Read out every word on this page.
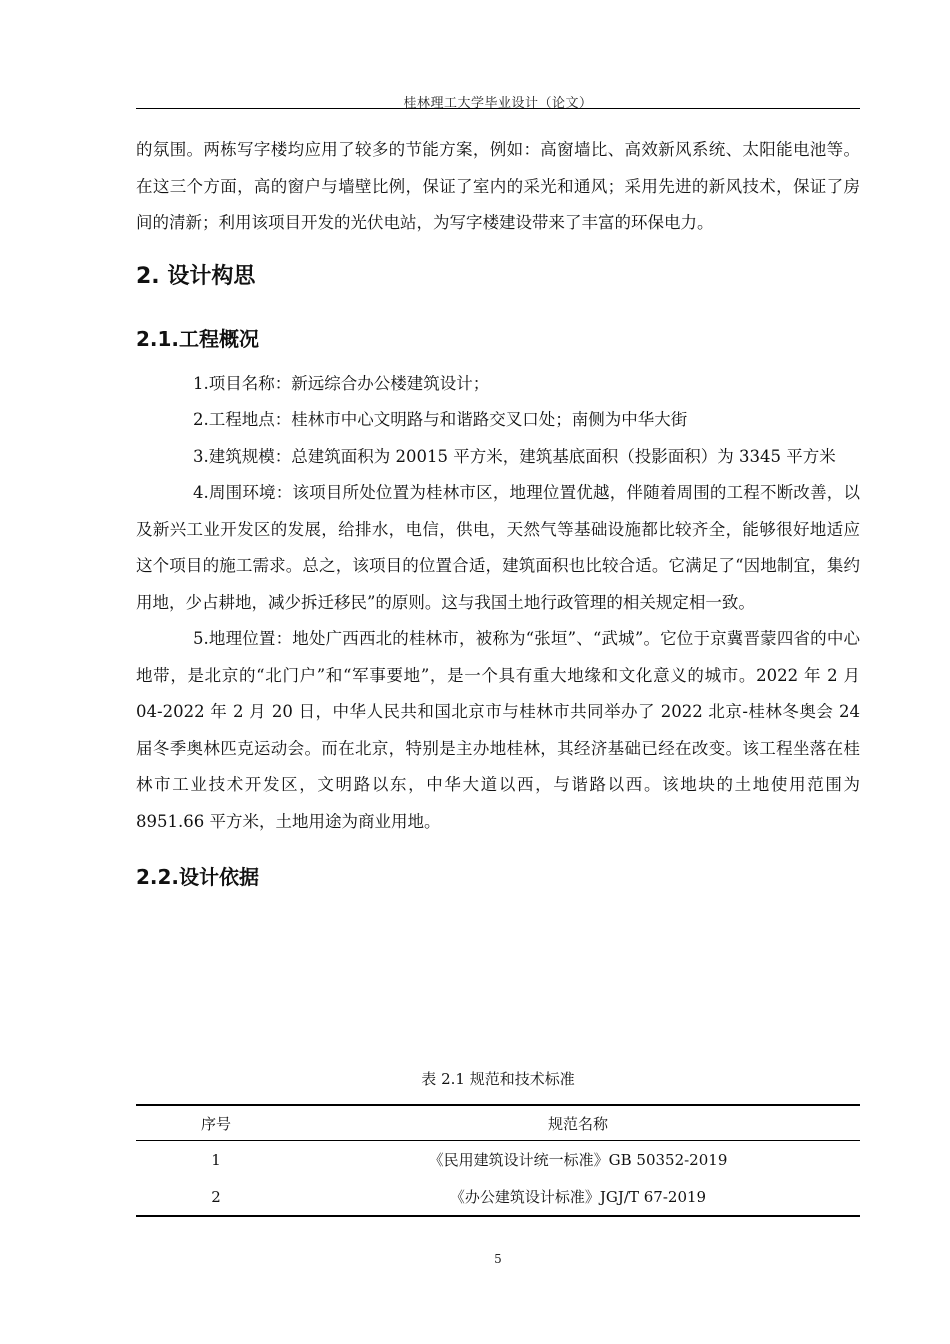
桂林理工大学毕业设计（论文）

的氛围。两栋写字楼均应用了较多的节能方案，例如：高窗墙比、高效新风系统、太阳能电池等。在这三个方面，高的窗户与墙壁比例，保证了室内的采光和通风；采用先进的新风技术，保证了房间的清新；利用该项目开发的光伏电站，为写字楼建设带来了丰富的环保电力。

2. 设计构思
2.1.工程概况

1.项目名称：新远综合办公楼建筑设计；

2.工程地点：桂林市中心文明路与和谐路交叉口处；南侧为中华大街

3.建筑规模：总建筑面积为 20015 平方米，建筑基底面积（投影面积）为 3345 平方米

4.周围环境：该项目所处位置为桂林市区，地理位置优越，伴随着周围的工程不断改善，以及新兴工业开发区的发展，给排水，电信，供电，天然气等基础设施都比较齐全，能够很好地适应这个项目的施工需求。总之，该项目的位置合适，建筑面积也比较合适。它满足了“因地制宜，集约用地，少占耕地，减少拆迁移民”的原则。这与我国土地行政管理的相关规定相一致。

5.地理位置：地处广西西北的桂林市，被称为“张垣”、“武城”。它位于京冀晋蒙四省的中心地带，是北京的“北门户”和“军事要地”，是一个具有重大地缘和文化意义的城市。2022 年 2 月 04-2022 年 2 月 20 日，中华人民共和国北京市与桂林市共同举办了 2022 北京-桂林冬奥会 24 届冬季奥林匹克运动会。而在北京，特别是主办地桂林，其经济基础已经在改变。该工程坐落在桂林市工业技术开发区，文明路以东，中华大道以西，与谐路以西。该地块的土地使用范围为 8951.66 平方米，土地用途为商业用地。

2.2.设计依据
表 2.1 规范和技术标准
序号	规范名称
1	《民用建筑设计统一标准》GB 50352-2019
2	《办公建筑设计标准》JGJ/T 67-2019
5
